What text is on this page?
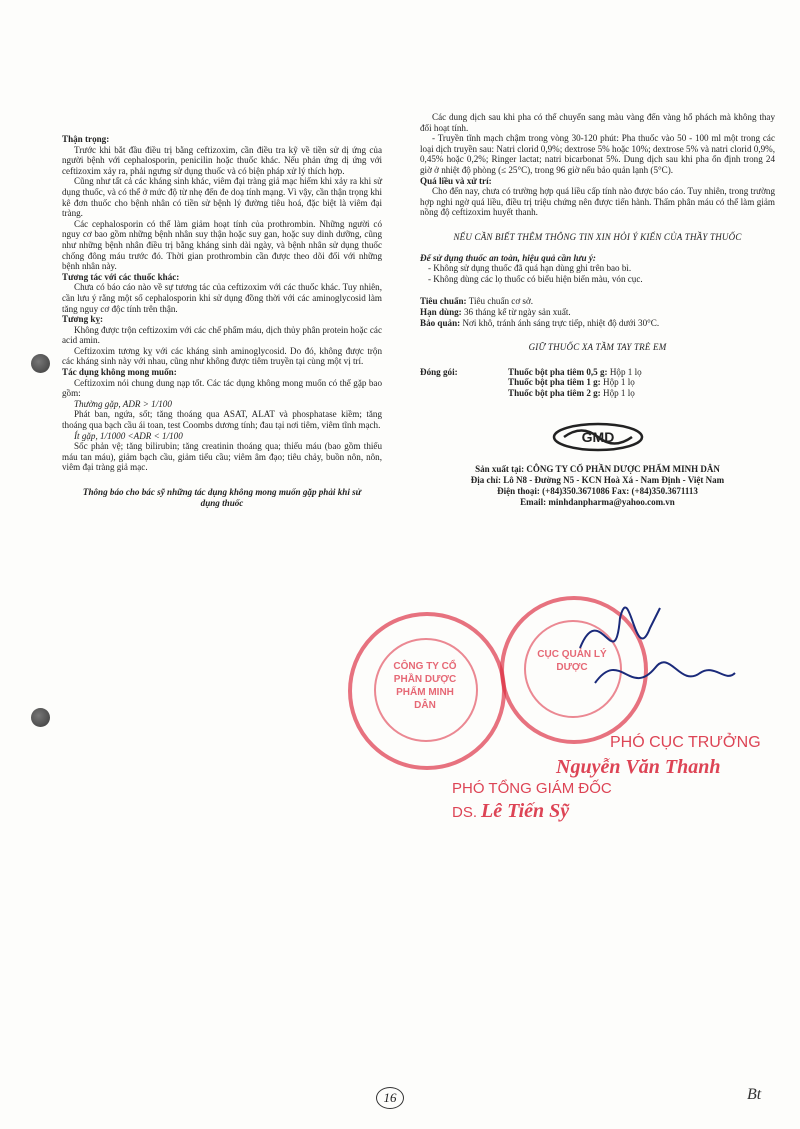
Thận trọng:
Trước khi bắt đầu điều trị bằng ceftizoxim, cần điều tra kỹ về tiền sử dị ứng của người bệnh với cephalosporin, penicilin hoặc thuốc khác. Nếu phản ứng dị ứng với ceftizoxim xảy ra, phải ngưng sử dụng thuốc và có biện pháp xử lý thích hợp.
Cũng như tất cả các kháng sinh khác, viêm đại tràng giả mạc hiếm khi xảy ra khi sử dụng thuốc, và có thể ở mức độ từ nhẹ đến đe doạ tính mạng. Vì vậy, cần thận trọng khi kê đơn thuốc cho bệnh nhân có tiền sử bệnh lý đường tiêu hoá, đặc biệt là viêm đại tràng.
Các cephalosporin có thể làm giảm hoạt tính của prothrombin. Những người có nguy cơ bao gồm những bệnh nhân suy thận hoặc suy gan, hoặc suy dinh dưỡng, cũng như những bệnh nhân điều trị bằng kháng sinh dài ngày, và bệnh nhân sử dụng thuốc chống đông máu trước đó. Thời gian prothrombin cần được theo dõi đối với những bệnh nhân này.
Tương tác với các thuốc khác:
Chưa có báo cáo nào về sự tương tác của ceftizoxim với các thuốc khác. Tuy nhiên, cần lưu ý rằng một số cephalosporin khi sử dụng đồng thời với các aminoglycosid làm tăng nguy cơ độc tính trên thận.
Tương kỵ:
Không được trộn ceftizoxim với các chế phẩm máu, dịch thủy phân protein hoặc các acid amin.
Ceftizoxim tương kỵ với các kháng sinh aminoglycosid. Do đó, không được trộn các kháng sinh này với nhau, cũng như không được tiêm truyền tại cùng một vị trí.
Tác dụng không mong muốn:
Ceftizoxim nói chung dung nạp tốt. Các tác dụng không mong muốn có thể gặp bao gồm:
Thường gặp, ADR > 1/100
Phát ban, ngứa, sốt; tăng thoáng qua ASAT, ALAT và phosphatase kiềm; tăng thoáng qua bạch cầu ái toan, test Coombs dương tính; đau tại nơi tiêm, viêm tĩnh mạch.
Ít gặp, 1/1000 <ADR < 1/100
Sốc phản vệ; tăng bilirubin; tăng creatinin thoáng qua; thiếu máu (bao gồm thiếu máu tan máu), giảm bạch cầu, giảm tiểu cầu; viêm âm đạo; tiêu chảy, buồn nôn, nôn, viêm đại tràng giả mạc.
Thông báo cho bác sỹ những tác dụng không mong muốn gặp phải khi sử dụng thuốc
Các dung dịch sau khi pha có thể chuyển sang màu vàng đến vàng hổ phách mà không thay đổi hoạt tính.
- Truyền tĩnh mạch chậm trong vòng 30-120 phút: Pha thuốc vào 50 - 100 ml một trong các loại dịch truyền sau: Natri clorid 0,9%; dextrose 5% hoặc 10%; dextrose 5% và natri clorid 0,9%, 0,45% hoặc 0,2%; Ringer lactat; natri bicarbonat 5%. Dung dịch sau khi pha ổn định trong 24 giờ ở nhiệt độ phòng (≤ 25°C), trong 96 giờ nếu bảo quản lạnh (5°C).
Quá liều và xử trí:
Cho đến nay, chưa có trường hợp quá liều cấp tính nào được báo cáo. Tuy nhiên, trong trường hợp nghi ngờ quá liều, điều trị triệu chứng nên được tiến hành. Thẩm phân máu có thể làm giảm nồng độ ceftizoxim huyết thanh.
NẾU CẦN BIẾT THÊM THÔNG TIN XIN HỎI Ý KIẾN CỦA THẦY THUỐC
Để sử dụng thuốc an toàn, hiệu quả cần lưu ý:
- Không sử dụng thuốc đã quá hạn dùng ghi trên bao bì.
- Không dùng các lọ thuốc có biểu hiện biến màu, vón cục.
Tiêu chuẩn: Tiêu chuẩn cơ sở.
Hạn dùng: 36 tháng kể từ ngày sản xuất.
Bảo quản: Nơi khô, tránh ánh sáng trực tiếp, nhiệt độ dưới 30°C.
GIỮ THUỐC XA TẦM TAY TRẺ EM
Đóng gói:	Thuốc bột pha tiêm 0,5 g: Hộp 1 lọ
Thuốc bột pha tiêm 1 g: Hộp 1 lọ
Thuốc bột pha tiêm 2 g: Hộp 1 lọ
GMD
Sản xuất tại: CÔNG TY CỔ PHẦN DƯỢC PHẨM MINH DÂN
Địa chỉ: Lô N8 - Đường N5 - KCN Hoà Xá - Nam Định - Việt Nam
Điện thoại: (+84)350.3671086 Fax: (+84)350.3671113
Email: minhdanpharma@yahoo.com.vn
CÔNG TY CỔ PHẦN DƯỢC PHẨM MINH DÂN
CỤC QUẢN LÝ DƯỢC
PHÓ CỤC TRƯỞNG
Nguyễn Văn Thanh
PHÓ TỔNG GIÁM ĐỐC
DS. Lê Tiến Sỹ
16	Bt
